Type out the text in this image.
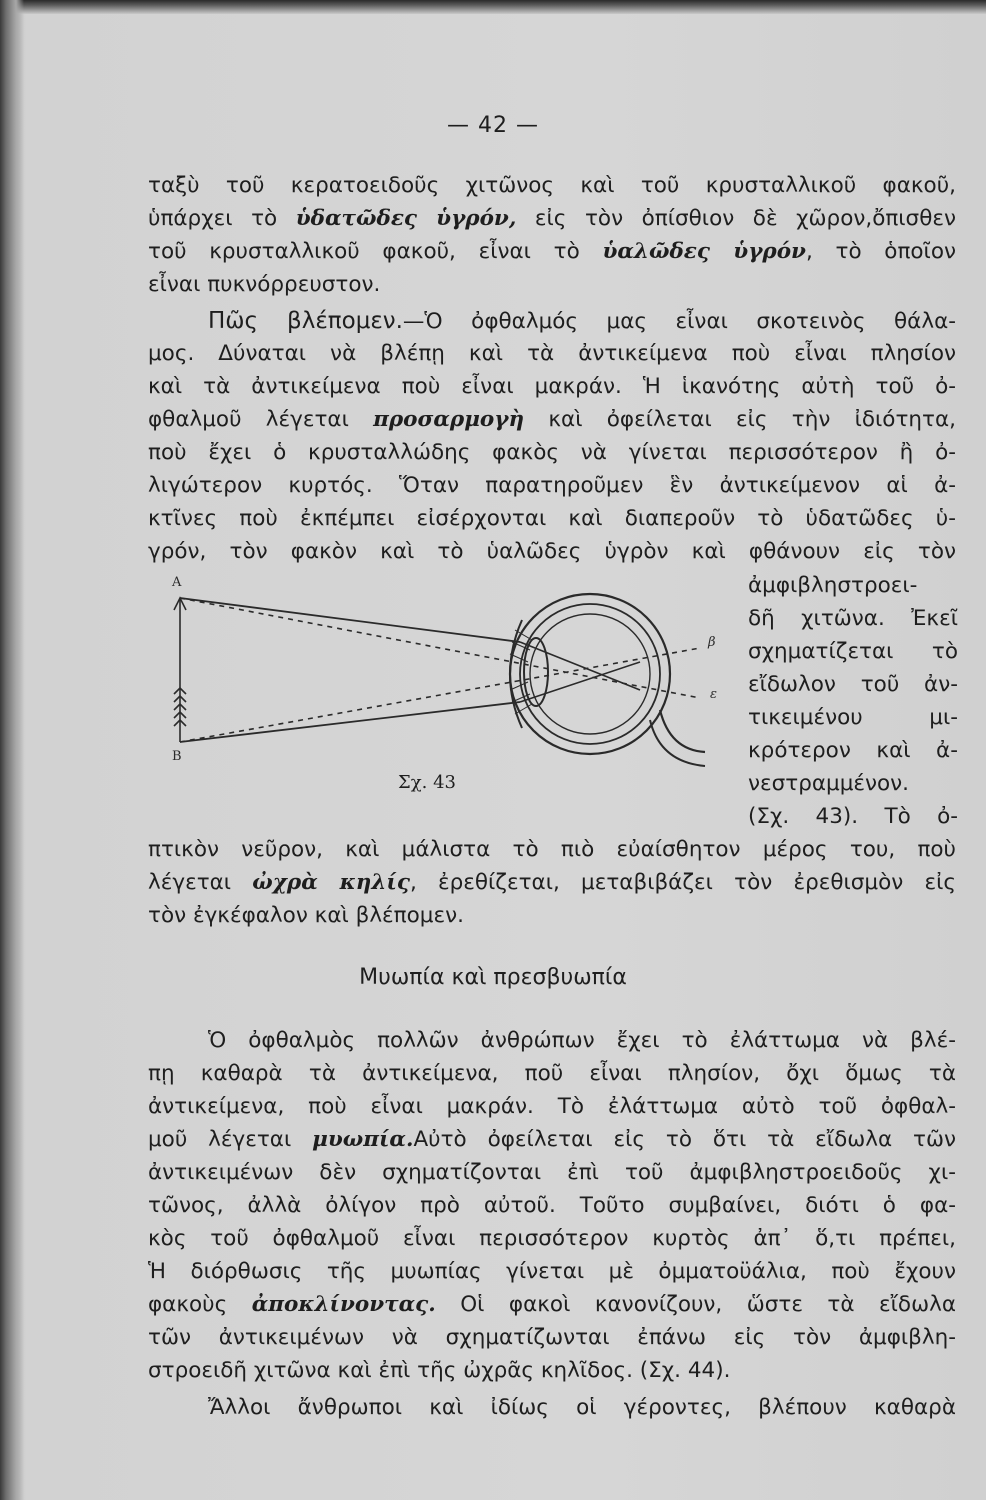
— 42 —
ταξὺ τοῦ κερατοειδοῦς χιτῶνος καὶ τοῦ κρυσταλλικοῦ φακοῦ,
ὑπάρχει τὸ ὑδατῶδες ὑγρόν, εἰς τὸν ὀπίσθιον δὲ χῶρον,ὄπισθεν
τοῦ κρυσταλλικοῦ φακοῦ, εἶναι τὸ ὑαλῶδες ὑγρόν, τὸ ὁποῖον
εἶναι πυκνόρρευστον.
Πῶς βλέπομεν.—Ὁ ὀφθαλμός μας εἶναι σκοτεινὸς θάλα-
μος. Δύναται νὰ βλέπῃ καὶ τὰ ἀντικείμενα ποὺ εἶναι πλησίον
καὶ τὰ ἀντικείμενα ποὺ εἶναι μακράν. Ἡ ἱκανότης αὐτὴ τοῦ ὀ-
φθαλμοῦ λέγεται προσαρμογὴ καὶ ὀφείλεται εἰς τὴν ἰδιότητα,
ποὺ ἔχει ὁ κρυσταλλώδης φακὸς νὰ γίνεται περισσότερον ἢ ὀ-
λιγώτερον κυρτός. Ὅταν παρατηροῦμεν ἓν ἀντικείμενον αἱ ἀ-
κτῖνες ποὺ ἐκπέμπει εἰσέρχονται καὶ διαπεροῦν τὸ ὑδατῶδες ὑ-
γρόν, τὸν φακὸν καὶ τὸ ὑαλῶδες ὑγρὸν καὶ φθάνουν εἰς τὸν
ἀμφιβληστροει-
δῆ χιτῶνα. Ἐκεῖ
σχηματίζεται τὸ
εἴδωλον τοῦ ἀν-
τικειμένου μι-
κρότερον καὶ ἀ-
νεστραμμένον.
(Σχ. 43). Τὸ ὀ-
Α
Β
β
ε
Σχ. 43
πτικὸν νεῦρον, καὶ μάλιστα τὸ πιὸ εὐαίσθητον μέρος του, ποὺ
λέγεται ὠχρὰ κηλίς, ἐρεθίζεται, μεταβιβάζει τὸν ἐρεθισμὸν εἰς
τὸν ἐγκέφαλον καὶ βλέπομεν.
Μυωπία καὶ πρεσβυωπία
Ὁ ὀφθαλμὸς πολλῶν ἀνθρώπων ἔχει τὸ ἐλάττωμα νὰ βλέ-
πῃ καθαρὰ τὰ ἀντικείμενα, ποῦ εἶναι πλησίον, ὄχι ὅμως τὰ
ἀντικείμενα, ποὺ εἶναι μακράν. Τὸ ἐλάττωμα αὐτὸ τοῦ ὀφθαλ-
μοῦ λέγεται μυωπία.Αὐτὸ ὀφείλεται εἰς τὸ ὅτι τὰ εἴδωλα τῶν
ἀντικειμένων δὲν σχηματίζονται ἐπὶ τοῦ ἀμφιβληστροειδοῦς χι-
τῶνος, ἀλλὰ ὀλίγον πρὸ αὐτοῦ. Τοῦτο συμβαίνει, διότι ὁ φα-
κὸς τοῦ ὀφθαλμοῦ εἶναι περισσότερον κυρτὸς ἀπ᾿ ὅ,τι πρέπει,
Ἡ διόρθωσις τῆς μυωπίας γίνεται μὲ ὀμματοϋάλια, ποὺ ἔχουν
φακοὺς ἀποκλίνοντας. Οἱ φακοὶ κανονίζουν, ὥστε τὰ εἴδωλα
τῶν ἀντικειμένων νὰ σχηματίζωνται ἐπάνω εἰς τὸν ἀμφιβλη-
στροειδῆ χιτῶνα καὶ ἐπὶ τῆς ὠχρᾶς κηλῖδος. (Σχ. 44).
Ἄλλοι ἄνθρωποι καὶ ἰδίως οἱ γέροντες, βλέπουν καθαρὰ
